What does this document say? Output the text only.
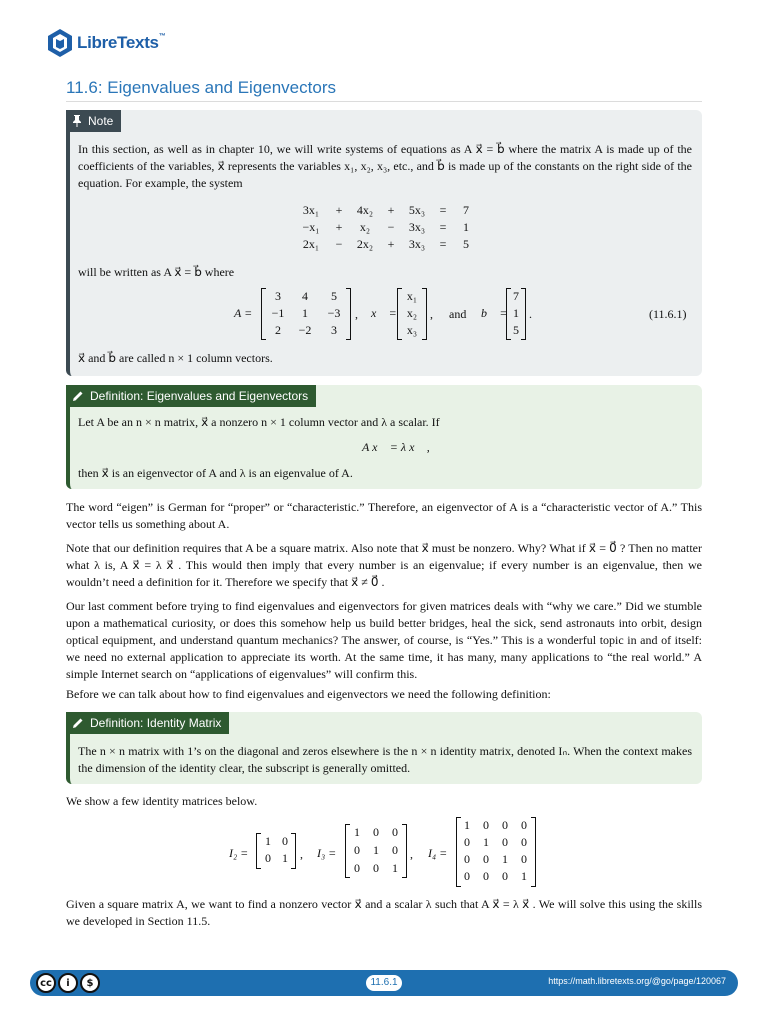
LibreTexts™
11.6: Eigenvalues and Eigenvectors
Note
In this section, as well as in chapter 10, we will write systems of equations as A x⃗ = b⃗ where the matrix A is made up of the coefficients of the variables, x⃗ represents the variables x₁, x₂, x₃, etc., and b⃗ is made up of the constants on the right side of the equation. For example, the system
3x₁	+	4x₂	+	5x₃	=	7
−x₁	+	x₂	−	3x₃	=	1
2x₁	−	2x₂	+	3x₃	=	5
will be written as A x⃗ = b⃗ where
A =
3	4	5
−1	1	−3
2	−2	3
, x⃗ =
x₁
x₂
x₃
, and b⃗ =
7
1
5
.	(11.6.1)
x⃗ and b⃗ are called n × 1 column vectors.
Definition: Eigenvalues and Eigenvectors
Let A be an n × n matrix, x⃗ a nonzero n × 1 column vector and λ a scalar. If
A x⃗ = λ x⃗ ,
then x⃗ is an eigenvector of A and λ is an eigenvalue of A.
The word “eigen” is German for “proper” or “characteristic.” Therefore, an eigenvector of A is a “characteristic vector of A.” This vector tells us something about A.
Note that our definition requires that A be a square matrix. Also note that x⃗ must be nonzero. Why? What if x⃗ = 0⃗ ? Then no matter what λ is, A x⃗ = λ x⃗ . This would then imply that every number is an eigenvalue; if every number is an eigenvalue, then we wouldn’t need a definition for it. Therefore we specify that x⃗ ≠ 0⃗ .
Our last comment before trying to find eigenvalues and eigenvectors for given matrices deals with “why we care.” Did we stumble upon a mathematical curiosity, or does this somehow help us build better bridges, heal the sick, send astronauts into orbit, design optical equipment, and understand quantum mechanics? The answer, of course, is “Yes.” This is a wonderful topic in and of itself: we need no external application to appreciate its worth. At the same time, it has many, many applications to “the real world.” A simple Internet search on “applications of eigenvalues” will confirm this.
Before we can talk about how to find eigenvalues and eigenvectors we need the following definition:
Definition: Identity Matrix
The n × n matrix with 1’s on the diagonal and zeros elsewhere is the n × n identity matrix, denoted Iₙ. When the context makes the dimension of the identity clear, the subscript is generally omitted.
We show a few identity matrices below.
I₂ =
1 0
0 1	, I₃ =
1	0	0
0	1	0
0	0	1
, I₄ =
1	0	0	0
0	1	0	0
0	0	1	0
0	0	0	1
Given a square matrix A, we want to find a nonzero vector x⃗ and a scalar λ such that A x⃗ = λ x⃗ . We will solve this using the skills we developed in Section 11.5.
cc	i	$	11.6.1	https://math.libretexts.org/@go/page/120067
